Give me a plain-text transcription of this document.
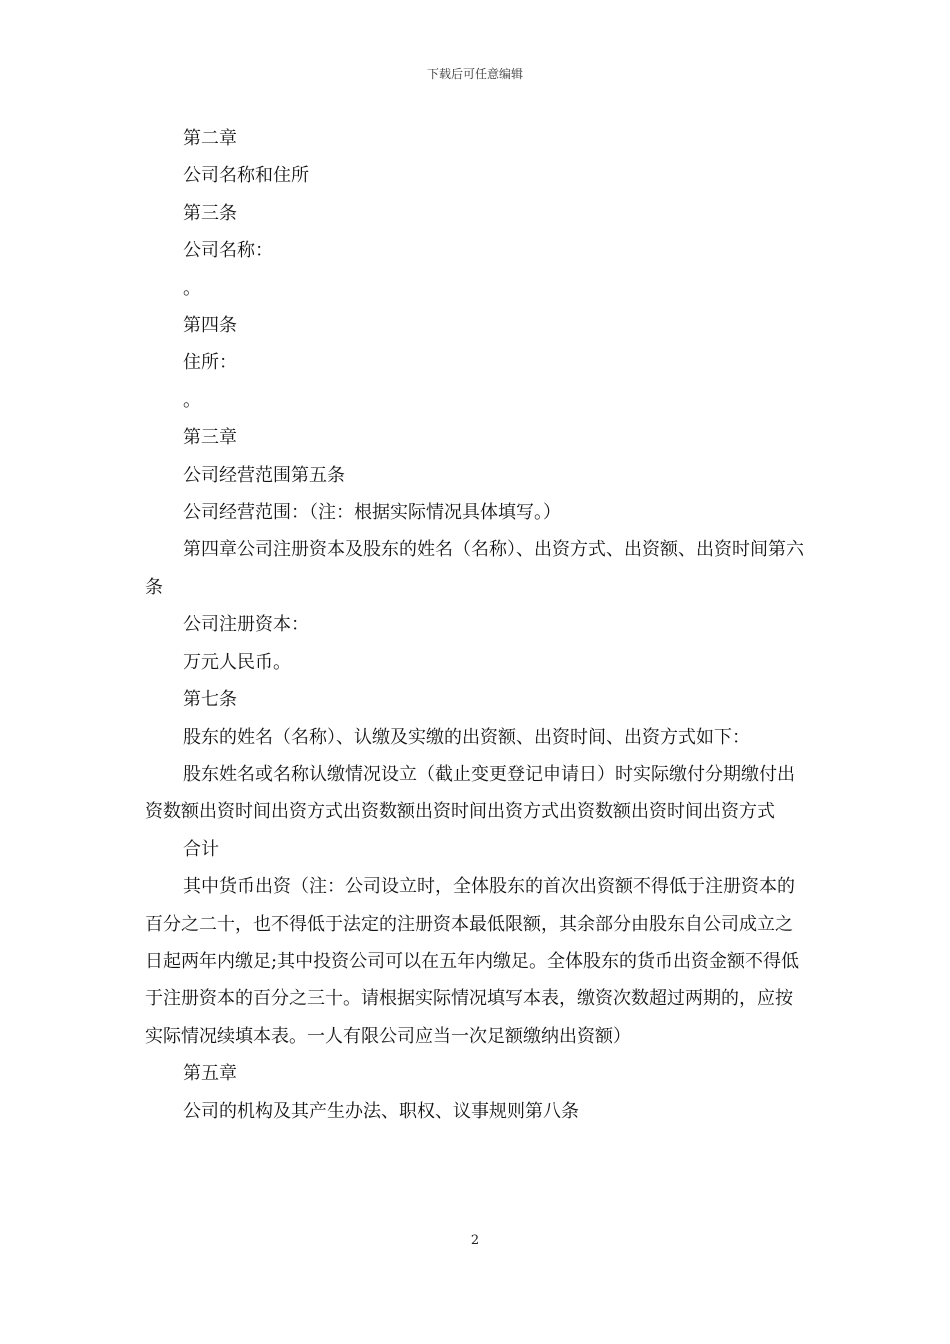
下载后可任意编辑

第二章

公司名称和住所

第三条

公司名称：

。

第四条

住所：

。

第三章

公司经营范围第五条

公司经营范围：（注：根据实际情况具体填写。）

第四章公司注册资本及股东的姓名（名称）、出资方式、出资额、出资时间第六条

公司注册资本：

万元人民币。

第七条

股东的姓名（名称）、认缴及实缴的出资额、出资时间、出资方式如下：

股东姓名或名称认缴情况设立（截止变更登记申请日）时实际缴付分期缴付出资数额出资时间出资方式出资数额出资时间出资方式出资数额出资时间出资方式

合计

其中货币出资（注：公司设立时，全体股东的首次出资额不得低于注册资本的百分之二十，也不得低于法定的注册资本最低限额，其余部分由股东自公司成立之日起两年内缴足;其中投资公司可以在五年内缴足。全体股东的货币出资金额不得低于注册资本的百分之三十。请根据实际情况填写本表，缴资次数超过两期的，应按实际情况续填本表。一人有限公司应当一次足额缴纳出资额）

第五章

公司的机构及其产生办法、职权、议事规则第八条

2
